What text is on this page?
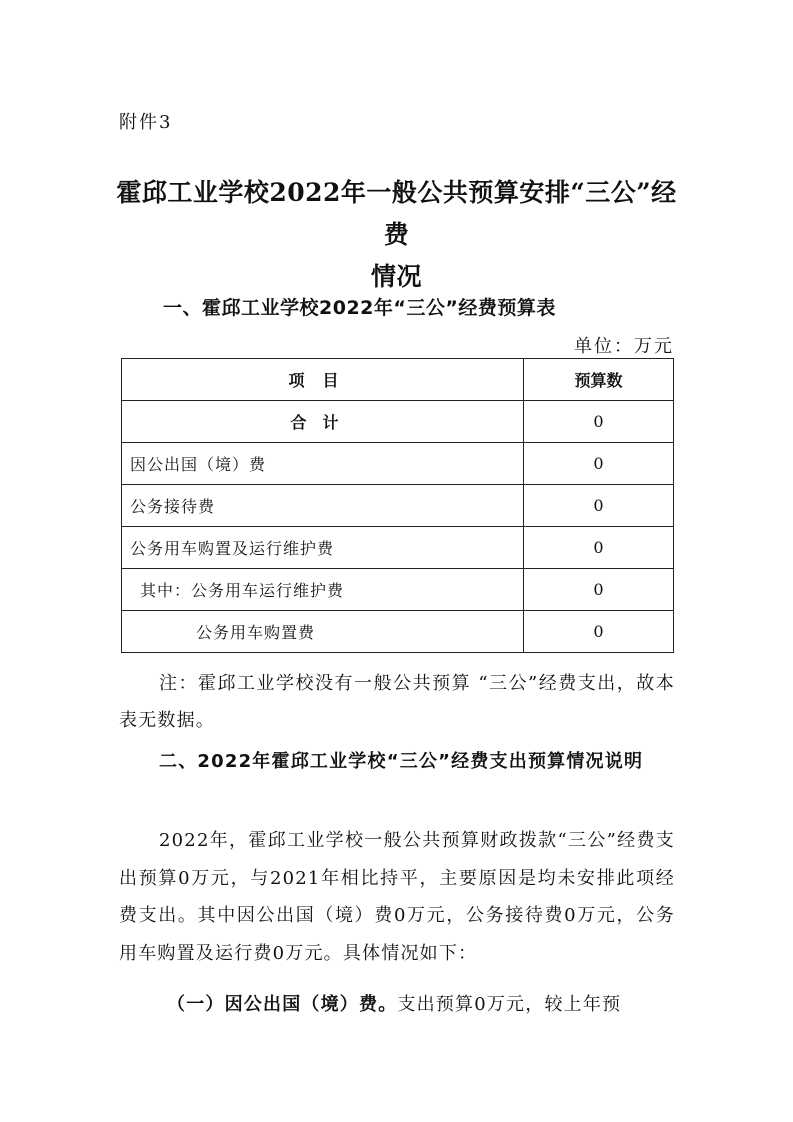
附件3
霍邱工业学校2022年一般公共预算安排“三公”经费
情况
一、霍邱工业学校2022年“三公”经费预算表
单位：万元
项目	预算数
合计	0
因公出国（境）费	0
公务接待费	0
公务用车购置及运行维护费	0
其中：公务用车运行维护费	0
公务用车购置费	0
注：霍邱工业学校没有一般公共预算 “三公”经费支出，故本表无数据。
二、2022年霍邱工业学校“三公”经费支出预算情况说明
2022年，霍邱工业学校一般公共预算财政拨款“三公”经费支出预算0万元，与2021年相比持平，主要原因是均未安排此项经费支出。其中因公出国（境）费0万元，公务接待费0万元，公务用车购置及运行费0万元。具体情况如下：
（一）因公出国（境）费。支出预算0万元，较上年预
